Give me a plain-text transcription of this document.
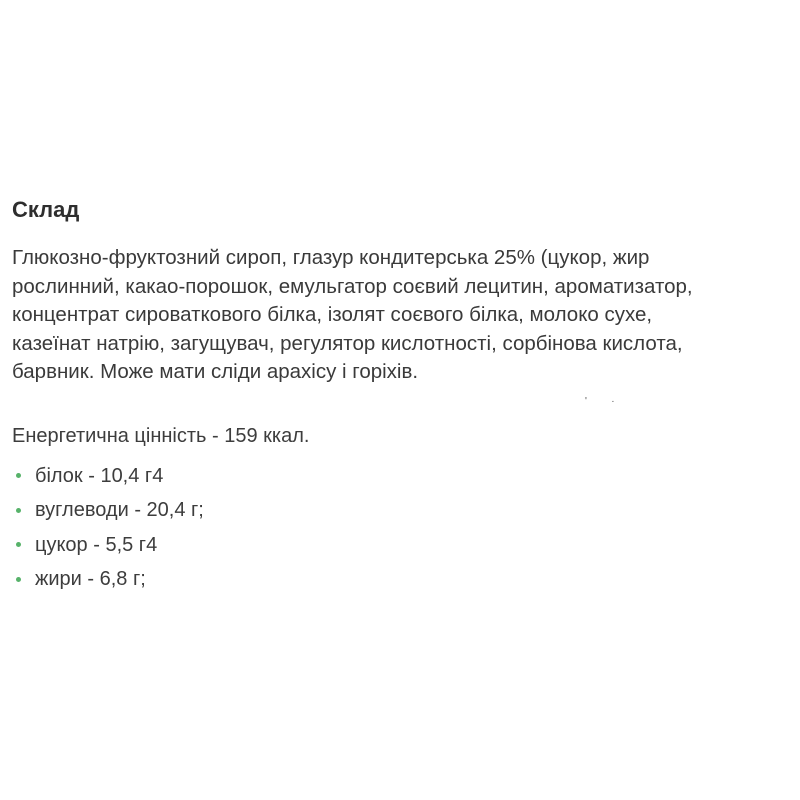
Склад

Глюкозно-фруктозний сироп, глазур кондитерська 25% (цукор, жир
рослинний, какао-порошок, емульгатор соєвий лецитин, ароматизатор,
концентрат сироваткового білка, ізолят соєвого білка, молоко сухе,
казеїнат натрію, загущувач, регулятор кислотності, сорбінова кислота,
барвник. Може мати сліди арахісу і горіхів.

Енергетична цінність - 159 ккал.
білок - 10,4 г4
вуглеводи - 20,4 г;
цукор - 5,5 г4
жири - 6,8 г;
'   ·
